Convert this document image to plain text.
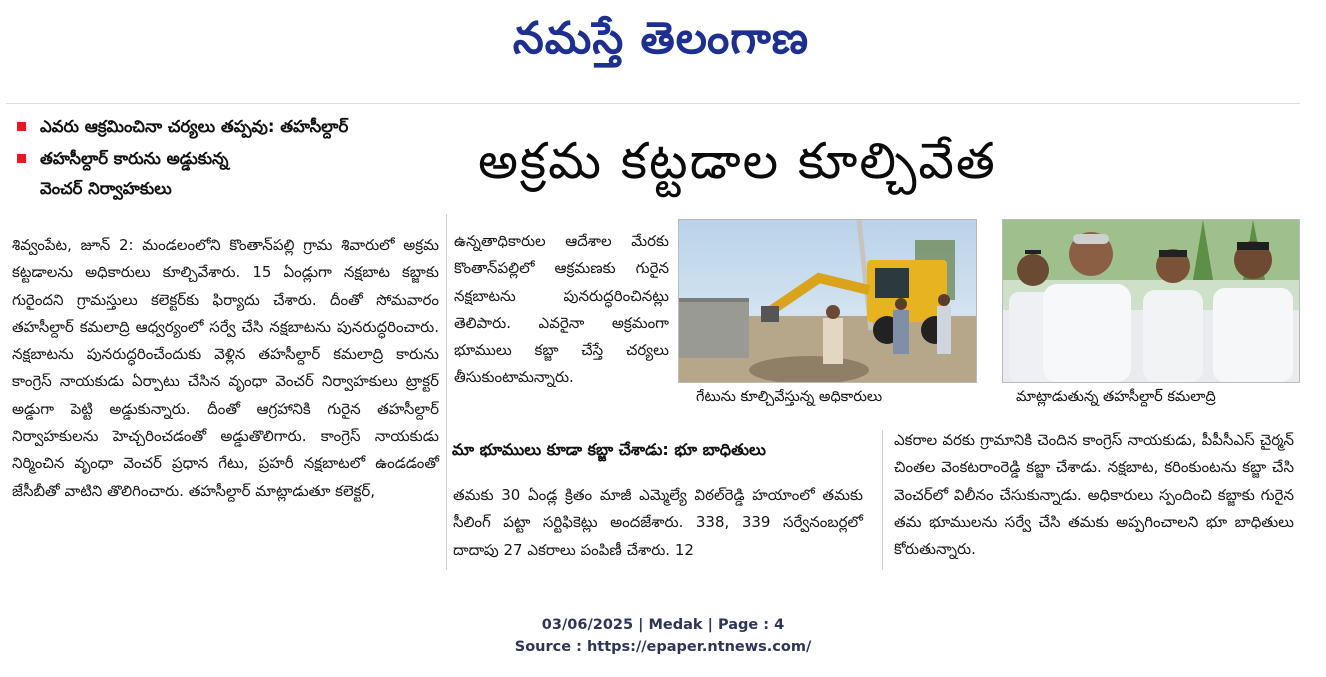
నమస్తే తెలంగాణ
ఎవరు ఆక్రమించినా చర్యలు తప్పవు: తహసీల్దార్
తహసీల్దార్ కారును అడ్డుకున్న
వెంచర్ నిర్వాహకులు	అక్రమ కట్టడాల కూల్చివేత

శివ్వంపేట, జూన్ 2: మండలంలోని కొంతాన్‌పల్లి గ్రామ శివారులో అక్రమ కట్టడాలను అధికారులు కూల్చివేశారు. 15 ఏండ్లుగా నక్షబాట కబ్జాకు గురైందని గ్రామస్తులు కలెక్టర్‌కు ఫిర్యాదు చేశారు. దీంతో సోమవారం తహసీల్దార్ కమలాద్రి ఆధ్వర్యంలో సర్వే చేసి నక్షబాటను పునరుద్ధరించారు. నక్షబాటను పునరుద్ధరించేందుకు వెళ్లిన తహసీల్దార్ కమలాద్రి కారును కాంగ్రెస్ నాయకుడు ఏర్పాటు చేసిన వృంధా వెంచర్ నిర్వాహకులు ట్రాక్టర్ అడ్డుగా పెట్టి అడ్డుకున్నారు. దీంతో ఆగ్రహానికి గురైన తహసీల్దార్ నిర్వాహకులను హెచ్చరించడంతో అడ్డుతొలిగారు. కాంగ్రెస్ నాయకుడు నిర్మించిన వృంధా వెంచర్ ప్రధాన గేటు, ప్రహరీ నక్షబాటలో ఉండడంతో జేసీబీతో వాటిని తొలిగించారు. తహసీల్దార్ మాట్లాడుతూ కలెక్టర్,

ఉన్నతాధికారుల ఆదేశాల మేరకు కొంతాన్‌పల్లిలో ఆక్రమణకు గురైన నక్షబాటను పునరుద్ధరించినట్లు తెలిపారు. ఎవరైనా అక్రమంగా భూములు కబ్జా చేస్తే చర్యలు తీసుకుంటామన్నారు.

గేటును కూల్చివేస్తున్న అధికారులు	మాట్లాడుతున్న తహసీల్దార్ కమలాద్రి
మా భూములు కూడా కబ్జా చేశాడు: భూ బాధితులు

తమకు 30 ఏండ్ల క్రితం మాజీ ఎమ్మెల్యే విఠల్‌రెడ్డి హయాంలో తమకు సీలింగ్ పట్టా సర్టిఫికెట్లు అందజేశారు. 338, 339 సర్వేనంబర్లలో దాదాపు 27 ఎకరాలు పంపిణీ చేశారు. 12

ఎకరాల వరకు గ్రామానికి చెందిన కాంగ్రెస్ నాయకుడు, పీపీసీఎస్ చైర్మన్ చింతల వెంకటరాంరెడ్డి కబ్జా చేశాడు. నక్షబాట, కరింకుంటను కబ్జా చేసి వెంచర్‌లో విలీనం చేసుకున్నాడు. అధికారులు స్పందించి కబ్జాకు గురైన తమ భూములను సర్వే చేసి తమకు అప్పగించాలని భూ బాధితులు కోరుతున్నారు.

03/06/2025 | Medak | Page : 4
Source : https://epaper.ntnews.com/
